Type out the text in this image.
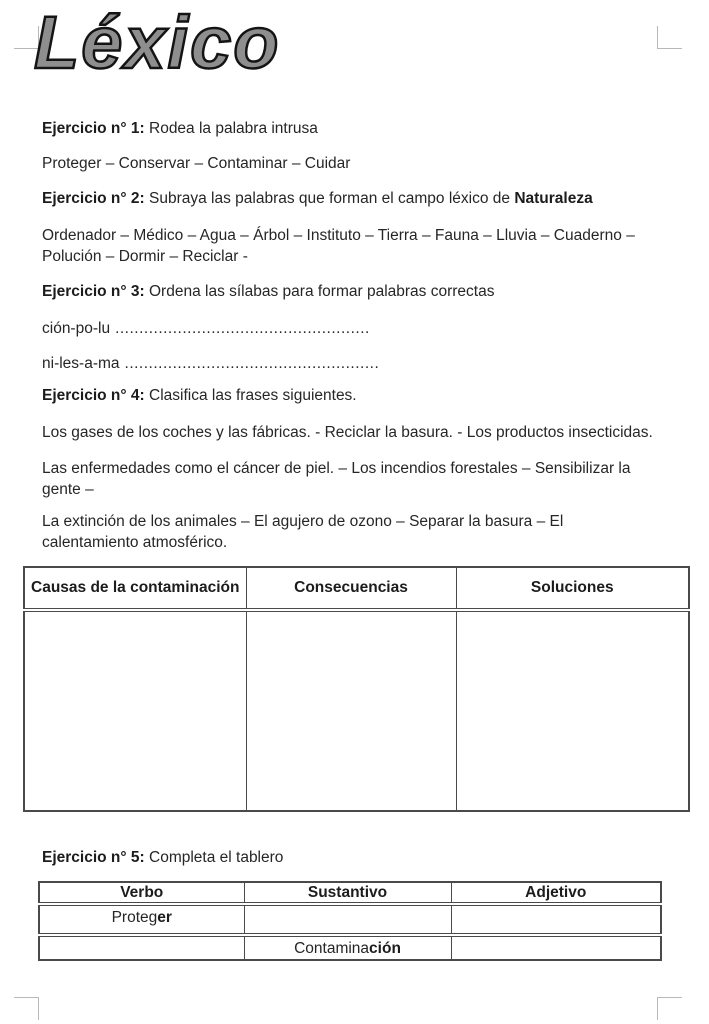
Léxico

Ejercicio n° 1: Rodea la palabra intrusa

Proteger – Conservar – Contaminar – Cuidar

Ejercicio n° 2: Subraya las palabras que forman el campo léxico de Naturaleza

Ordenador – Médico – Agua – Árbol – Instituto – Tierra – Fauna – Lluvia – Cuaderno – Polución – Dormir – Reciclar -

Ejercicio n° 3: Ordena las sílabas para formar palabras correctas

ción-po-lu .....................................................

ni-les-a-ma .....................................................

Ejercicio n° 4: Clasifica las frases siguientes.

Los gases de los coches y las fábricas. - Reciclar la basura. - Los productos insecticidas.

Las enfermedades como el cáncer de piel. – Los incendios forestales – Sensibilizar la gente –

La extinción de los animales – El agujero de ozono – Separar la basura – El calentamiento atmosférico.

Causas de la contaminación	Consecuencias	Soluciones

Ejercicio n° 5: Completa el tablero

Verbo	Sustantivo	Adjetivo
Proteger		
	Contaminación	
